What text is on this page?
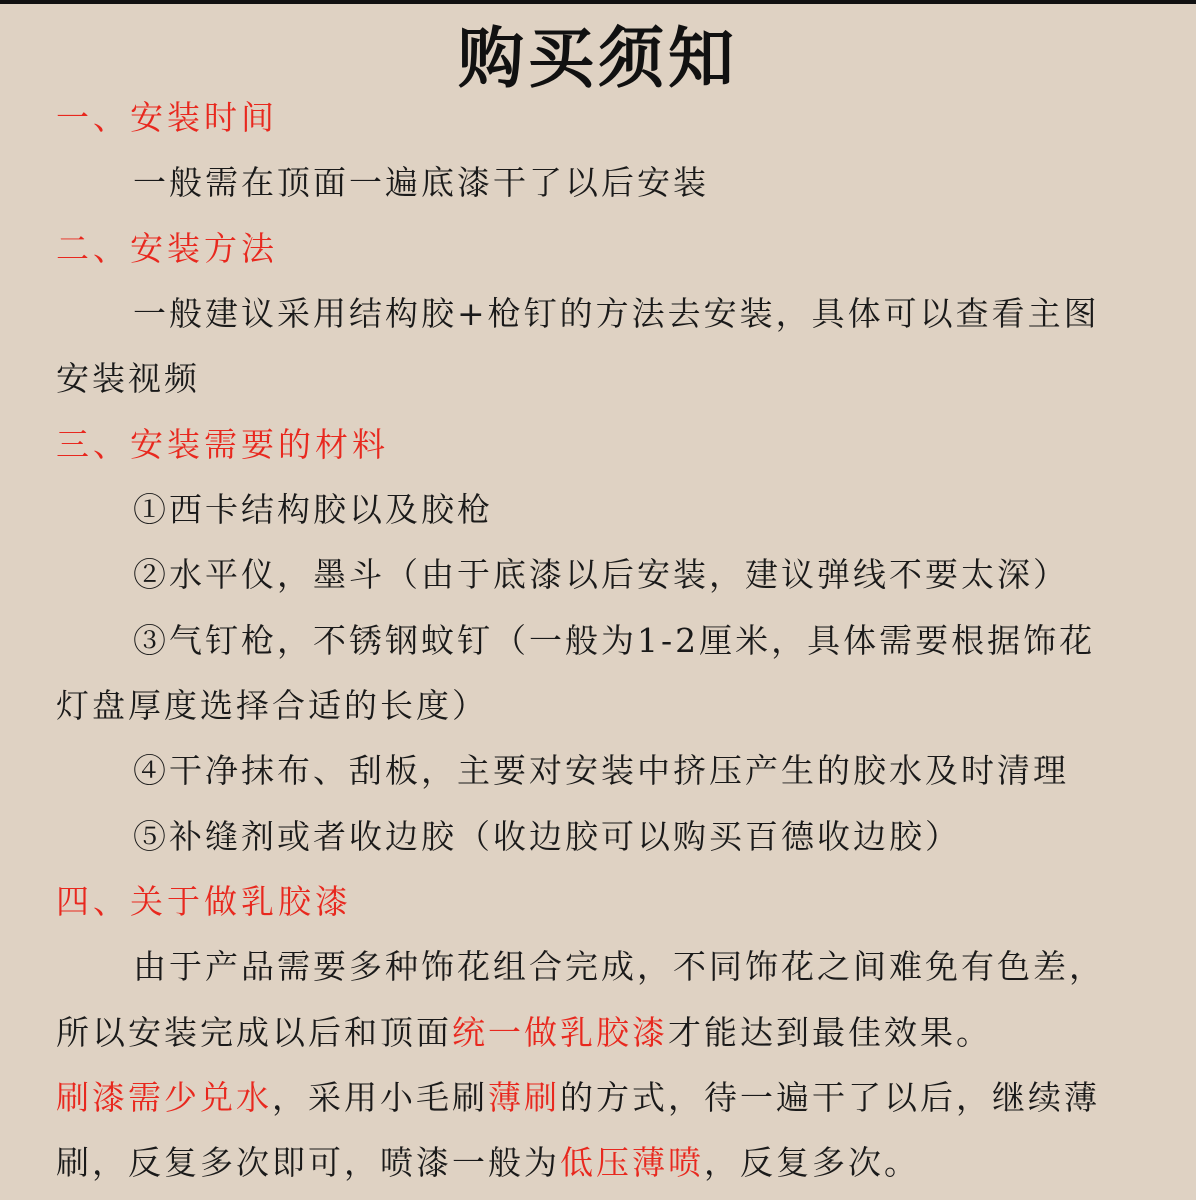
购买须知
一、安装时间
一般需在顶面一遍底漆干了以后安装
二、安装方法
一般建议采用结构胶+枪钉的方法去安装，具体可以查看主图
安装视频
三、安装需要的材料
①西卡结构胶以及胶枪
②水平仪，墨斗（由于底漆以后安装，建议弹线不要太深）
③气钉枪，不锈钢蚊钉（一般为1-2厘米，具体需要根据饰花
灯盘厚度选择合适的长度）
④干净抹布、刮板，主要对安装中挤压产生的胶水及时清理
⑤补缝剂或者收边胶（收边胶可以购买百德收边胶）
四、关于做乳胶漆
由于产品需要多种饰花组合完成，不同饰花之间难免有色差，
所以安装完成以后和顶面统一做乳胶漆才能达到最佳效果。
刷漆需少兑水，采用小毛刷薄刷的方式，待一遍干了以后，继续薄
刷，反复多次即可，喷漆一般为低压薄喷，反复多次。
